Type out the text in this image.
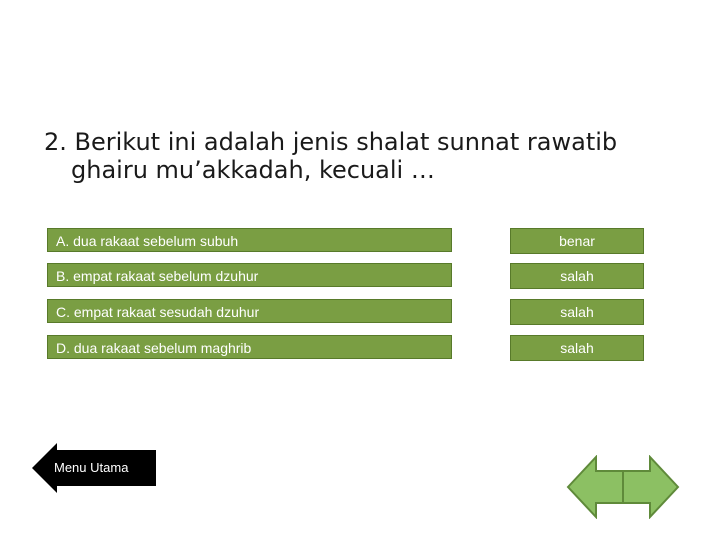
2. Berikut ini adalah jenis shalat sunnat rawatib
ghairu mu’akkadah, kecuali …
A. dua rakaat sebelum subuh	benar
B. empat rakaat sebelum dzuhur	salah
C. empat rakaat sesudah dzuhur	salah
D. dua rakaat sebelum maghrib	salah
Menu Utama
